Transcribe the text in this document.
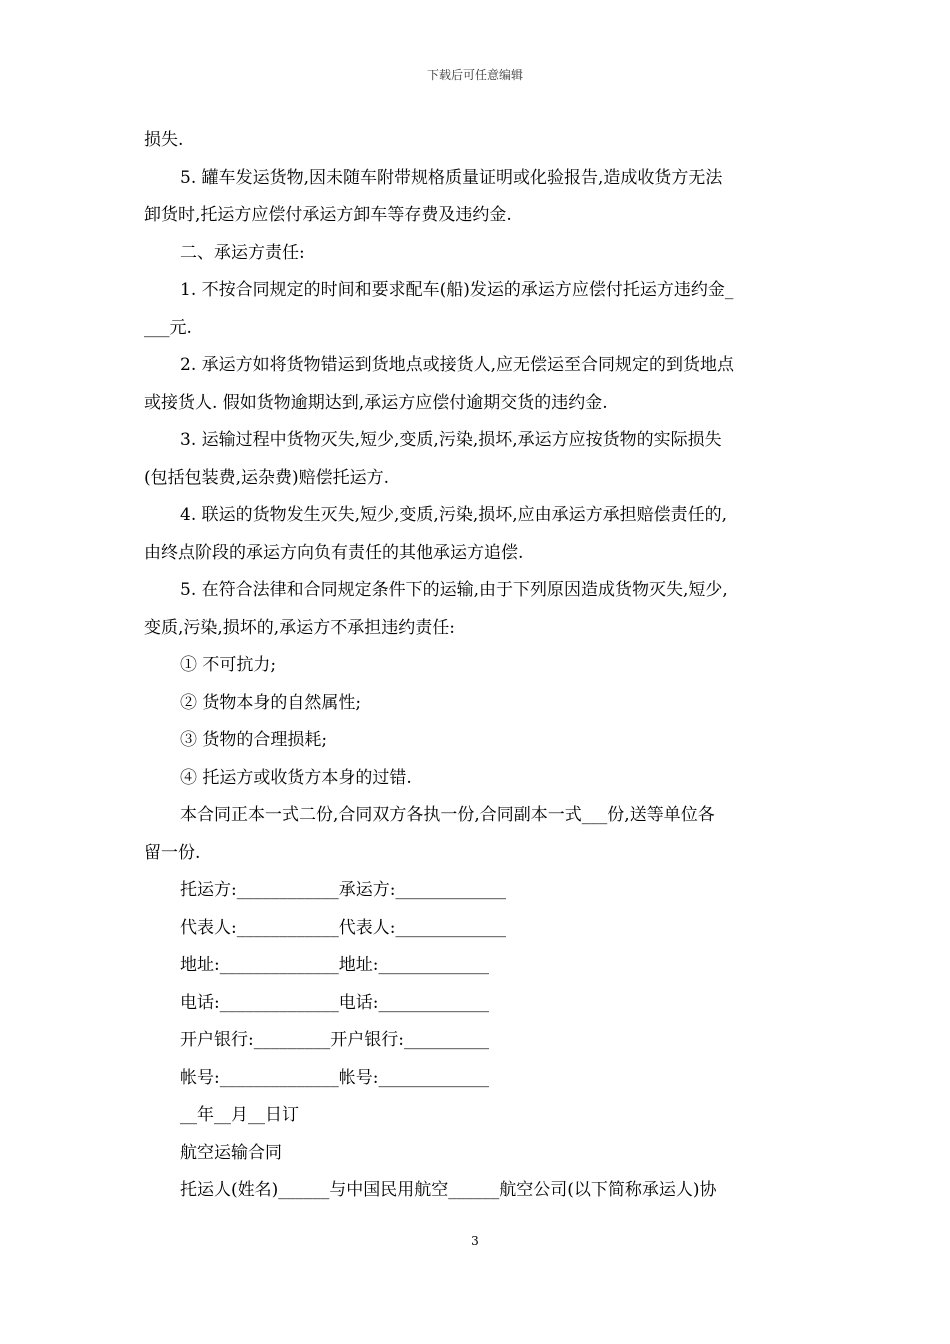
下载后可任意编辑
损失.
5. 罐车发运货物,因未随车附带规格质量证明或化验报告,造成收货方无法
卸货时,托运方应偿付承运方卸车等存费及违约金.
二、承运方责任:
1. 不按合同规定的时间和要求配车(船)发运的承运方应偿付托运方违约金_
___元.
2. 承运方如将货物错运到货地点或接货人,应无偿运至合同规定的到货地点
或接货人. 假如货物逾期达到,承运方应偿付逾期交货的违约金.
3. 运输过程中货物灭失,短少,变质,污染,损坏,承运方应按货物的实际损失
(包括包装费,运杂费)赔偿托运方.
4. 联运的货物发生灭失,短少,变质,污染,损坏,应由承运方承担赔偿责任的,
由终点阶段的承运方向负有责任的其他承运方追偿.
5. 在符合法律和合同规定条件下的运输,由于下列原因造成货物灭失,短少,
变质,污染,损坏的,承运方不承担违约责任:
① 不可抗力;
② 货物本身的自然属性;
③ 货物的合理损耗;
④ 托运方或收货方本身的过错.
本合同正本一式二份,合同双方各执一份,合同副本一式___份,送等单位各
留一份.
托运方:____________承运方:_____________
代表人:____________代表人:_____________
地址:______________地址:_____________
电话:______________电话:_____________
开户银行:_________开户银行:__________
帐号:______________帐号:_____________
__年__月__日订
航空运输合同
托运人(姓名)______与中国民用航空______航空公司(以下简称承运人)协
3
